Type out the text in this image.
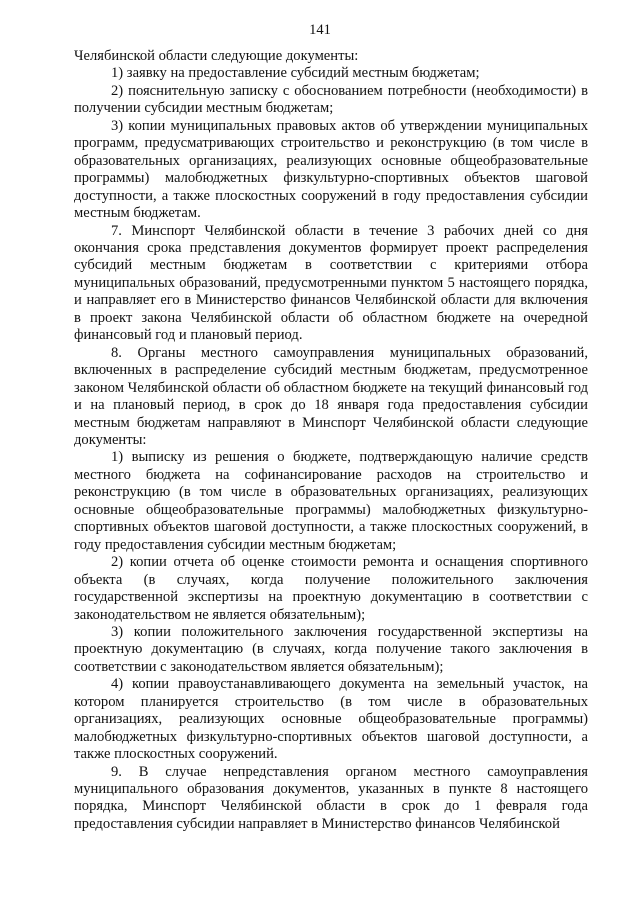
141

Челябинской области следующие документы:

1) заявку на предоставление субсидий местным бюджетам;

2) пояснительную записку с обоснованием потребности (необходимости) в получении субсидии местным бюджетам;

3) копии муниципальных правовых актов об утверждении муниципальных программ, предусматривающих строительство и реконструкцию (в том числе в образовательных организациях, реализующих основные общеобразовательные программы) малобюджетных физкультурно-спортивных объектов шаговой доступности, а также плоскостных сооружений в году предоставления субсидии местным бюджетам.

7. Минспорт Челябинской области в течение 3 рабочих дней со дня окончания срока представления документов формирует проект распределения субсидий местным бюджетам в соответствии с критериями отбора муниципальных образований, предусмотренными пунктом 5 настоящего порядка, и направляет его в Министерство финансов Челябинской области для включения в проект закона Челябинской области об областном бюджете на очередной финансовый год и плановый период.

8. Органы местного самоуправления муниципальных образований, включенных в распределение субсидий местным бюджетам, предусмотренное законом Челябинской области об областном бюджете на текущий финансовый год и на плановый период, в срок до 18 января года предоставления субсидии местным бюджетам направляют в Минспорт Челябинской области следующие документы:

1) выписку из решения о бюджете, подтверждающую наличие средств местного бюджета на софинансирование расходов на строительство и реконструкцию (в том числе в образовательных организациях, реализующих основные общеобразовательные программы) малобюджетных физкультурно-спортивных объектов шаговой доступности, а также плоскостных сооружений, в году предоставления субсидии местным бюджетам;

2) копии отчета об оценке стоимости ремонта и оснащения спортивного объекта (в случаях, когда получение положительного заключения государственной экспертизы на проектную документацию в соответствии с законодательством не является обязательным);

3) копии положительного заключения государственной экспертизы на проектную документацию (в случаях, когда получение такого заключения в соответствии с законодательством является обязательным);

4) копии правоустанавливающего документа на земельный участок, на котором планируется строительство (в том числе в образовательных организациях, реализующих основные общеобразовательные программы) малобюджетных физкультурно-спортивных объектов шаговой доступности, а также плоскостных сооружений.

9. В случае непредставления органом местного самоуправления муниципального образования документов, указанных в пункте 8 настоящего порядка, Минспорт Челябинской области в срок до 1 февраля года предоставления субсидии направляет в Министерство финансов Челябинской
